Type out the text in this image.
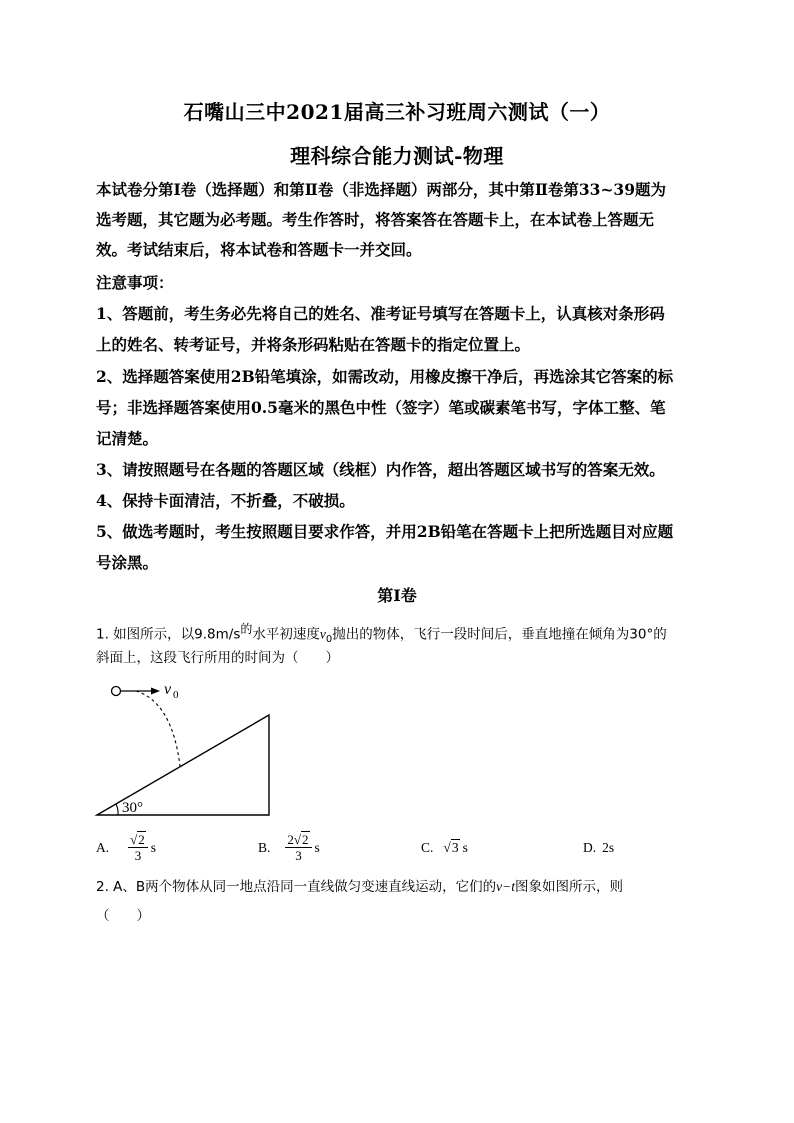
石嘴山三中2021届高三补习班周六测试（一）
理科综合能力测试-物理
本试卷分第Ⅰ卷（选择题）和第Ⅱ卷（非选择题）两部分，其中第Ⅱ卷第33~39题为
选考题，其它题为必考题。考生作答时，将答案答在答题卡上，在本试卷上答题无
效。考试结束后，将本试卷和答题卡一并交回。
注意事项：
1、答题前，考生务必先将自己的姓名、准考证号填写在答题卡上，认真核对条形码
上的姓名、转考证号，并将条形码粘贴在答题卡的指定位置上。
2、选择题答案使用2B铅笔填涂，如需改动，用橡皮擦干净后，再选涂其它答案的标
号；非选择题答案使用0.5毫米的黑色中性（签字）笔或碳素笔书写，字体工整、笔
记清楚。
3、请按照题号在各题的答题区域（线框）内作答，超出答题区域书写的答案无效。
4、保持卡面清洁，不折叠，不破损。
5、做选考题时，考生按照题目要求作答，并用2B铅笔在答题卡上把所选题目对应题
号涂黑。
第Ⅰ卷
1. 如图所示，以$9.8m/s^的$水平初速度$v_0$抛出的物体，飞行一段时间后，垂直地撞在倾角为30°的
斜面上，这段飞行所用的时间为（　　）
v 0
30°
A. $\frac{√2}{3}$ s	B. $\frac{2√2}{3}$ s	C. √3 s	D. 2s
2. A、B两个物体从同一地点沿同一直线做匀变速直线运动，它们的v−t图象如图所示，则
（　　）
